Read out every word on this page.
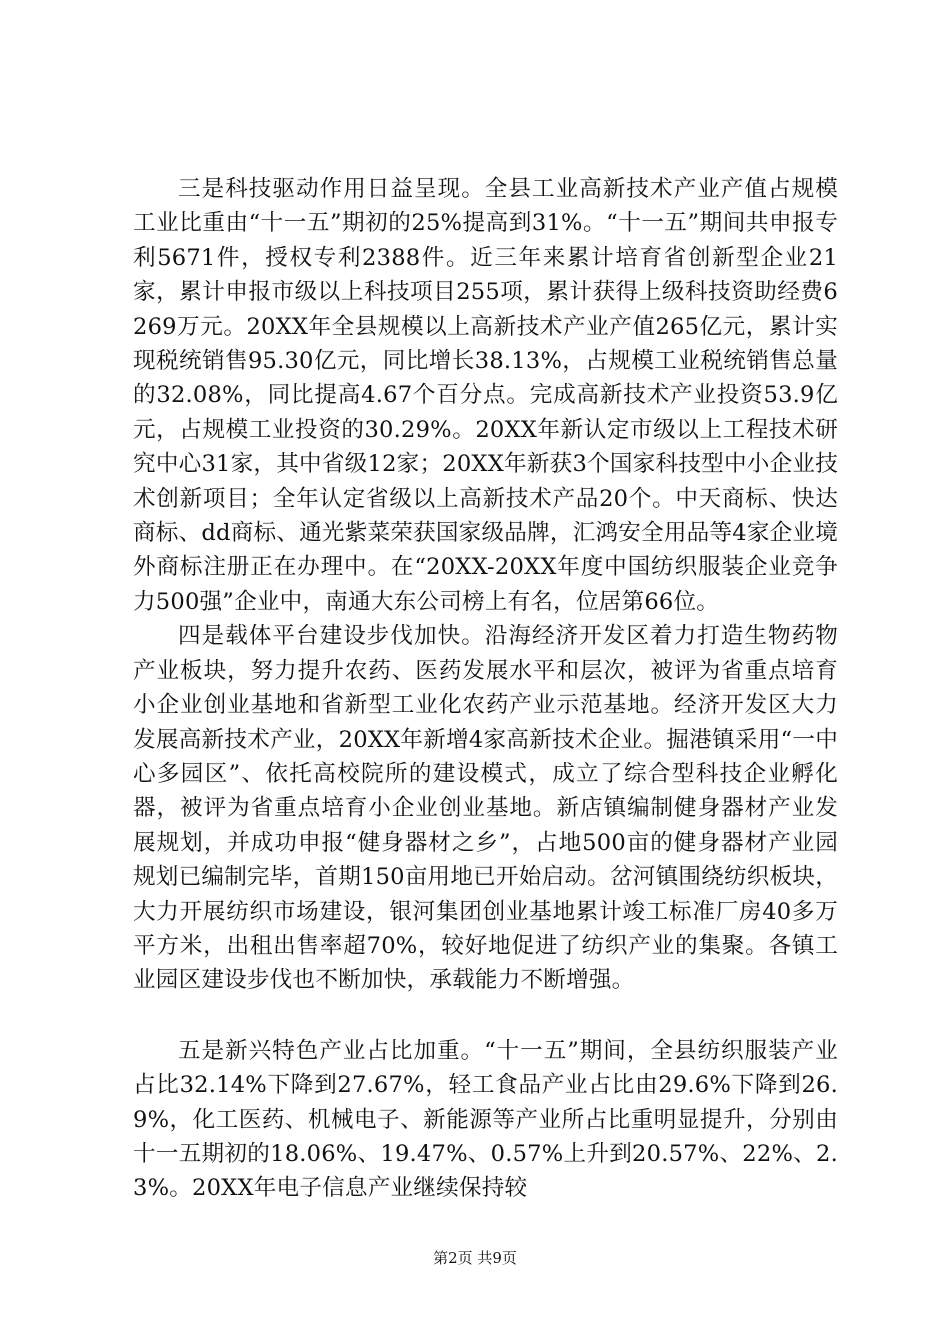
三是科技驱动作用日益呈现。全县工业高新技术产业产值占规模工业比重由“十一五”期初的25%提高到31%。“十一五”期间共申报专利5671件，授权专利2388件。近三年来累计培育省创新型企业21家，累计申报市级以上科技项目255项，累计获得上级科技资助经费6269万元。20XX年全县规模以上高新技术产业产值265亿元，累计实现税统销售95.30亿元，同比增长38.13%，占规模工业税统销售总量的32.08%，同比提高4.67个百分点。完成高新技术产业投资53.9亿元，占规模工业投资的30.29%。20XX年新认定市级以上工程技术研究中心31家，其中省级12家；20XX年新获3个国家科技型中小企业技术创新项目；全年认定省级以上高新技术产品20个。中天商标、快达商标、dd商标、通光紫菜荣获国家级品牌，汇鸿安全用品等4家企业境外商标注册正在办理中。在“20XX-20XX年度中国纺织服装企业竞争力500强”企业中，南通大东公司榜上有名，位居第66位。

四是载体平台建设步伐加快。沿海经济开发区着力打造生物药物产业板块，努力提升农药、医药发展水平和层次，被评为省重点培育小企业创业基地和省新型工业化农药产业示范基地。经济开发区大力发展高新技术产业，20XX年新增4家高新技术企业。掘港镇采用“一中心多园区”、依托高校院所的建设模式，成立了综合型科技企业孵化器，被评为省重点培育小企业创业基地。新店镇编制健身器材产业发展规划，并成功申报“健身器材之乡”，占地500亩的健身器材产业园规划已编制完毕，首期150亩用地已开始启动。岔河镇围绕纺织板块，大力开展纺织市场建设，银河集团创业基地累计竣工标准厂房40多万平方米，出租出售率超70%，较好地促进了纺织产业的集聚。各镇工业园区建设步伐也不断加快，承载能力不断增强。

五是新兴特色产业占比加重。“十一五”期间，全县纺织服装产业占比32.14%下降到27.67%，轻工食品产业占比由29.6%下降到26.9%，化工医药、机械电子、新能源等产业所占比重明显提升，分别由十一五期初的18.06%、19.47%、0.57%上升到20.57%、22%、2.3%。20XX年电子信息产业继续保持较

第2页 共9页
